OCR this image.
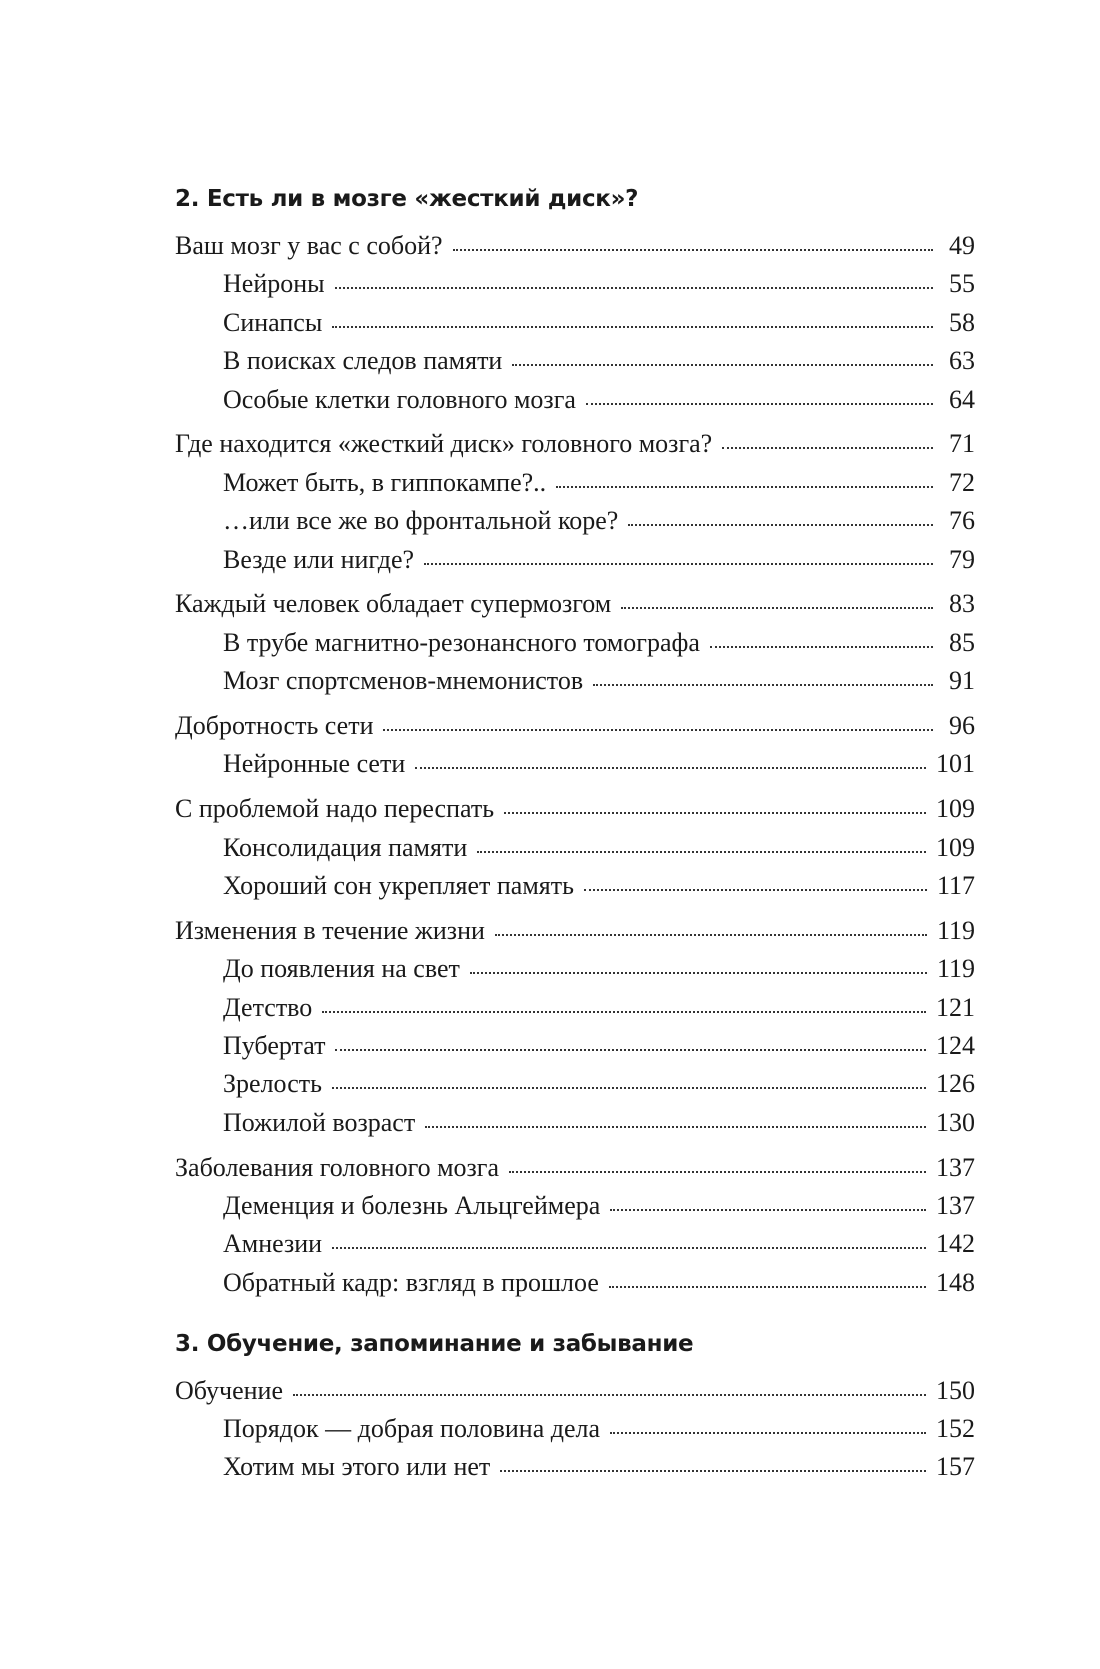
2. Есть ли в мозге «жесткий диск»?
Ваш мозг у вас с собой?	49
Нейроны	55
Синапсы	58
В поисках следов памяти	63
Особые клетки головного мозга	64
Где находится «жесткий диск» головного мозга?	71
Может быть, в гиппокампе?..	72
…или все же во фронтальной коре?	76
Везде или нигде?	79
Каждый человек обладает супермозгом	83
В трубе магнитно-резонансного томографа	85
Мозг спортсменов-мнемонистов	91
Добротность сети	96
Нейронные сети	101
С проблемой надо переспать	109
Консолидация памяти	109
Хороший сон укрепляет память	117
Изменения в течение жизни	119
До появления на свет	119
Детство	121
Пубертат	124
Зрелость	126
Пожилой возраст	130
Заболевания головного мозга	137
Деменция и болезнь Альцгеймера	137
Амнезии	142
Обратный кадр: взгляд в прошлое	148
3. Обучение, запоминание и забывание
Обучение	150
Порядок — добрая половина дела	152
Хотим мы этого или нет	157
